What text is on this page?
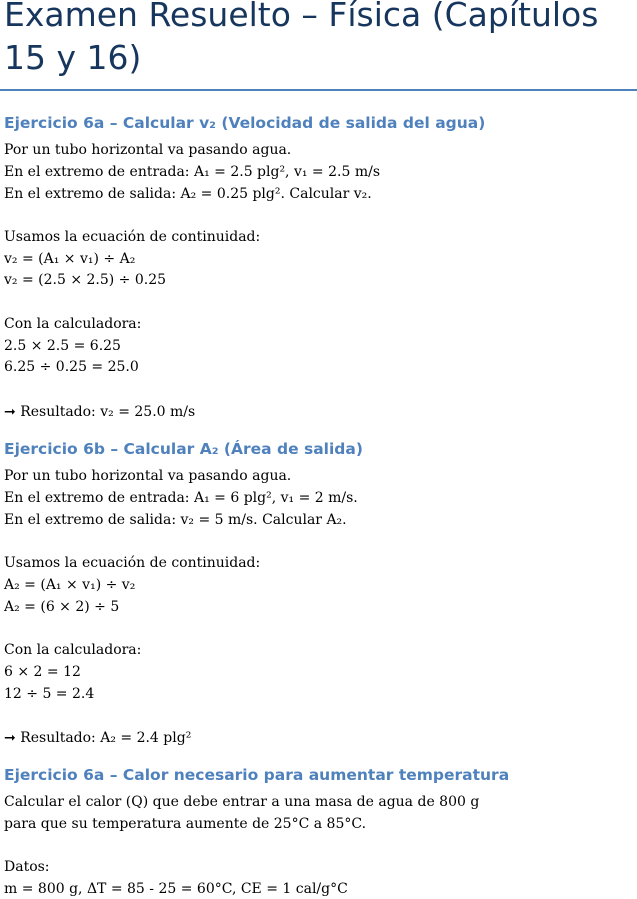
Examen Resuelto – Física (Capítulos 15 y 16)
Ejercicio 6a – Calcular v₂ (Velocidad de salida del agua)
Por un tubo horizontal va pasando agua.
En el extremo de entrada: A₁ = 2.5 plg², v₁ = 2.5 m/s
En el extremo de salida: A₂ = 0.25 plg². Calcular v₂.
Usamos la ecuación de continuidad:
v₂ = (A₁ × v₁) ÷ A₂
v₂ = (2.5 × 2.5) ÷ 0.25
Con la calculadora:
2.5 × 2.5 = 6.25
6.25 ÷ 0.25 = 25.0
➞ Resultado: v₂ = 25.0 m/s
Ejercicio 6b – Calcular A₂ (Área de salida)
Por un tubo horizontal va pasando agua.
En el extremo de entrada: A₁ = 6 plg², v₁ = 2 m/s.
En el extremo de salida: v₂ = 5 m/s. Calcular A₂.
Usamos la ecuación de continuidad:
A₂ = (A₁ × v₁) ÷ v₂
A₂ = (6 × 2) ÷ 5
Con la calculadora:
6 × 2 = 12
12 ÷ 5 = 2.4
➞ Resultado: A₂ = 2.4 plg²
Ejercicio 6a – Calor necesario para aumentar temperatura
Calcular el calor (Q) que debe entrar a una masa de agua de 800 g
para que su temperatura aumente de 25°C a 85°C.
Datos:
m = 800 g, ΔT = 85 - 25 = 60°C, CE = 1 cal/g°C
